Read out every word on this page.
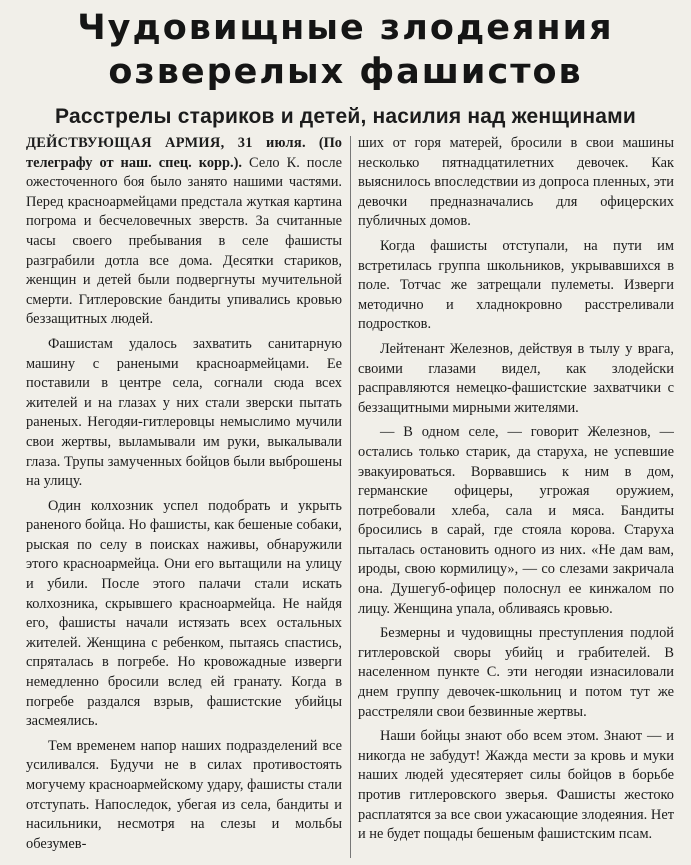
Чудовищные злодеяния
озверелых фашистов
Расстрелы стариков и детей, насилия над женщинами

ДЕЙСТВУЮЩАЯ АРМИЯ, 31 июля. (По телеграфу от наш. спец. корр.). Село К. после ожесточенного боя было занято нашими частями. Перед красноармейцами предстала жуткая картина погрома и бесчеловечных зверств. За считанные часы своего пребывания в селе фашисты разграбили дотла все дома. Десятки стариков, женщин и детей были подвергнуты мучительной смерти. Гитлеровские бандиты упивались кровью беззащитных людей.

Фашистам удалось захватить санитарную машину с ранеными красноармейцами. Ее поставили в центре села, согнали сюда всех жителей и на глазах у них стали зверски пытать раненых. Негодяи-гитлеровцы немыслимо мучили свои жертвы, выламывали им руки, выкалывали глаза. Трупы замученных бойцов были выброшены на улицу.

Один колхозник успел подобрать и укрыть раненого бойца. Но фашисты, как бешеные собаки, рыская по селу в поисках наживы, обнаружили этого красноармейца. Они его вытащили на улицу и убили. После этого палачи стали искать колхозника, скрывшего красноармейца. Не найдя его, фашисты начали истязать всех остальных жителей. Женщина с ребенком, пытаясь спастись, спряталась в погребе. Но кровожадные изверги немедленно бросили вслед ей гранату. Когда в погребе раздался взрыв, фашистские убийцы засмеялись.

Тем временем напор наших подразделений все усиливался. Будучи не в силах противостоять могучему красноармейскому удару, фашисты стали отступать. Напоследок, убегая из села, бандиты и насильники, несмотря на слезы и мольбы обезумев-

ших от горя матерей, бросили в свои машины несколько пятнадцатилетних девочек. Как выяснилось впоследствии из допроса пленных, эти девочки предназначались для офицерских публичных домов.

Когда фашисты отступали, на пути им встретилась группа школьников, укрывавшихся в поле. Тотчас же затрещали пулеметы. Изверги методично и хладнокровно расстреливали подростков.

Лейтенант Железнов, действуя в тылу у врага, своими глазами видел, как злодейски расправляются немецко-фашистские захватчики с беззащитными мирными жителями.

— В одном селе, — говорит Железнов, — остались только старик, да старуха, не успевшие эвакуироваться. Ворвавшись к ним в дом, германские офицеры, угрожая оружием, потребовали хлеба, сала и мяса. Бандиты бросились в сарай, где стояла корова. Старуха пыталась остановить одного из них. «Не дам вам, ироды, свою кормилицу», — со слезами закричала она. Душегуб-офицер полоснул ее кинжалом по лицу. Женщина упала, обливаясь кровью.

Безмерны и чудовищны преступления подлой гитлеровской своры убийц и грабителей. В населенном пункте С. эти негодяи изнасиловали днем группу девочек-школьниц и потом тут же расстреляли свои безвинные жертвы.

Наши бойцы знают обо всем этом. Знают — и никогда не забудут! Жажда мести за кровь и муки наших людей удесятеряет силы бойцов в борьбе против гитлеровского зверья. Фашисты жестоко расплатятся за все свои ужасающие злодеяния. Нет и не будет пощады бешеным фашистским псам.
